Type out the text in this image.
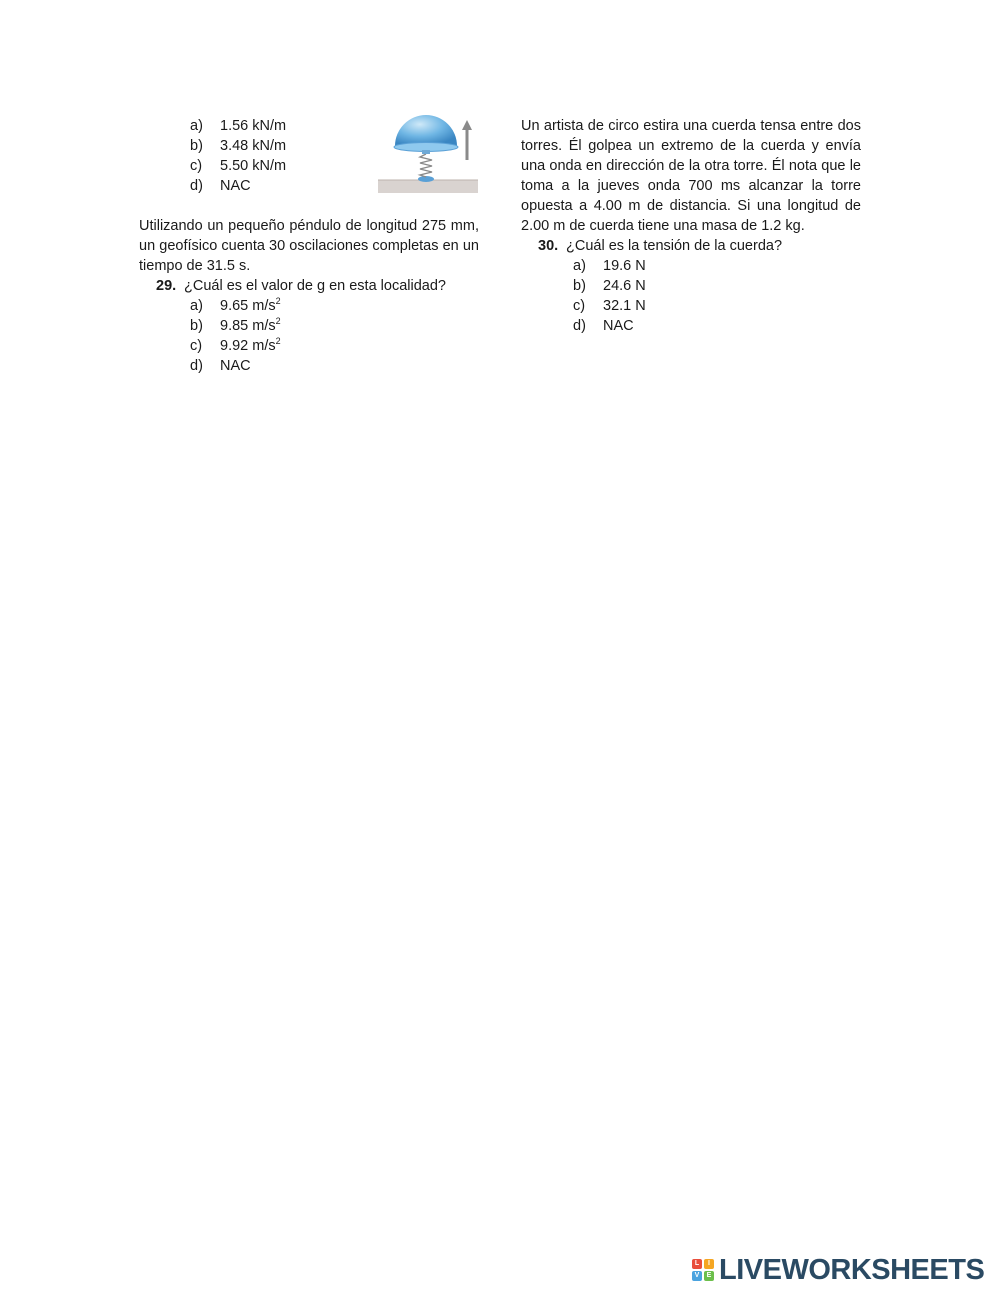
a)	1.56 kN/m
b)	3.48 kN/m
c)	5.50 kN/m
d)	NAC

Utilizando un pequeño péndulo de longitud 275 mm, un geofísico cuenta 30 oscilaciones completas en un tiempo de 31.5 s.

29. ¿Cuál es el valor de g en esta localidad?
a)	9.65 $m/s^2$
b)	9.85 $m/s^2$
c)	9.92 $m/s^2$
d)	NAC

Un artista de circo estira una cuerda tensa entre dos torres. Él golpea un extremo de la cuerda y envía una onda en dirección de la otra torre. Él nota que le toma a la jueves onda 700 ms alcanzar la torre opuesta a 4.00 m de distancia. Si una longitud de 2.00 m de cuerda tiene una masa de 1.2 kg.

30. ¿Cuál es la tensión de la cuerda?
a)	19.6 N
b)	24.6 N
c)	32.1 N
d)	NAC
L	I
V	E LIVEWORKSHEETS
